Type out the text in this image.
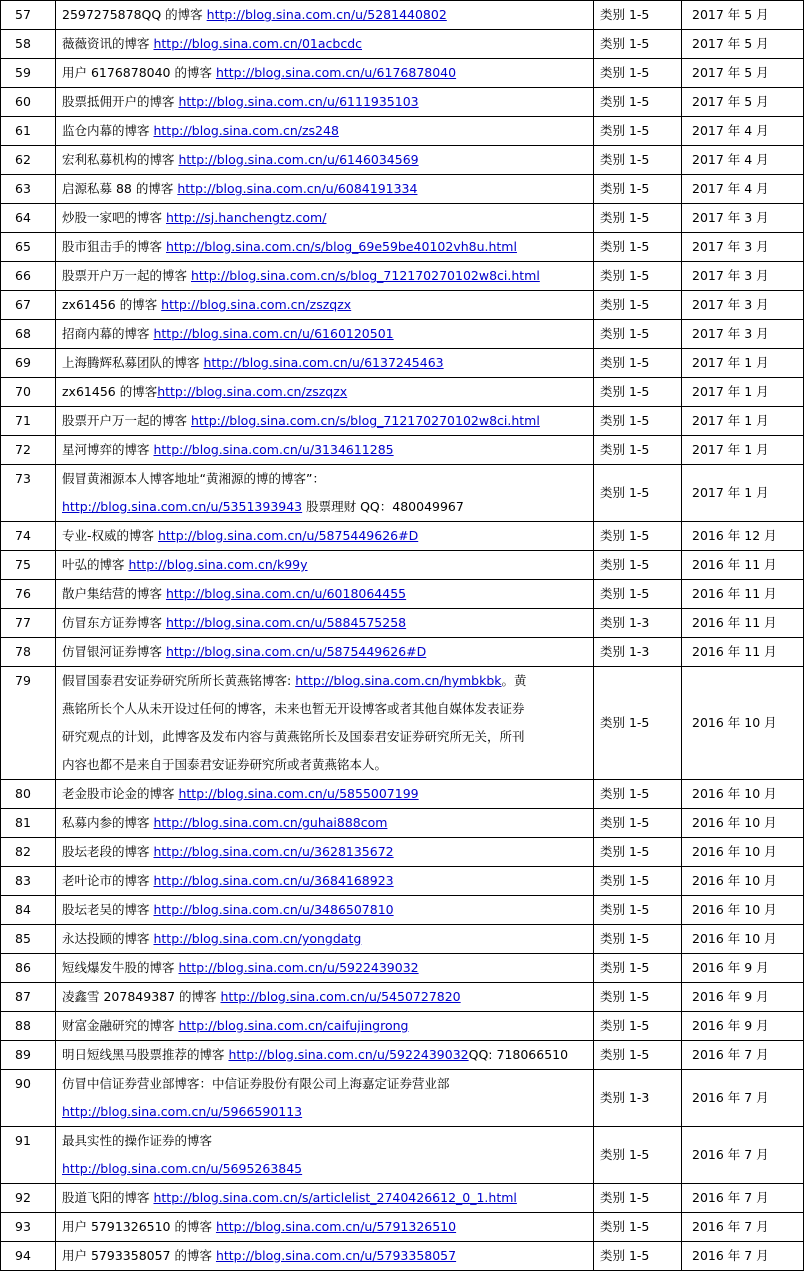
57	2597275878QQ 的博客 http://blog.sina.com.cn/u/5281440802	类别 1-5	2017 年 5 月
58	薇薇资讯的博客 http://blog.sina.com.cn/01acbcdc	类别 1-5	2017 年 5 月
59	用户 6176878040 的博客 http://blog.sina.com.cn/u/6176878040	类别 1-5	2017 年 5 月
60	股票抵佣开户的博客 http://blog.sina.com.cn/u/6111935103	类别 1-5	2017 年 5 月
61	监仓内幕的博客 http://blog.sina.com.cn/zs248	类别 1-5	2017 年 4 月
62	宏利私募机构的博客 http://blog.sina.com.cn/u/6146034569	类别 1-5	2017 年 4 月
63	启源私募 88 的博客 http://blog.sina.com.cn/u/6084191334	类别 1-5	2017 年 4 月
64	炒股一家吧的博客 http://sj.hanchengtz.com/	类别 1-5	2017 年 3 月
65	股市狙击手的博客 http://blog.sina.com.cn/s/blog_69e59be40102vh8u.html	类别 1-5	2017 年 3 月
66	股票开户万一起的博客 http://blog.sina.com.cn/s/blog_712170270102w8ci.html	类别 1-5	2017 年 3 月
67	zx61456 的博客 http://blog.sina.com.cn/zszqzx	类别 1-5	2017 年 3 月
68	招商内幕的博客 http://blog.sina.com.cn/u/6160120501	类别 1-5	2017 年 3 月
69	上海腾辉私募团队的博客 http://blog.sina.com.cn/u/6137245463	类别 1-5	2017 年 1 月
70	zx61456 的博客http://blog.sina.com.cn/zszqzx	类别 1-5	2017 年 1 月
71	股票开户万一起的博客 http://blog.sina.com.cn/s/blog_712170270102w8ci.html	类别 1-5	2017 年 1 月
72	星河博弈的博客 http://blog.sina.com.cn/u/3134611285	类别 1-5	2017 年 1 月
73	假冒黄湘源本人博客地址“黄湘源的博的博客”：
http://blog.sina.com.cn/u/5351393943 股票理财 QQ：480049967	类别 1-5	2017 年 1 月
74	专业-权威的博客 http://blog.sina.com.cn/u/5875449626#D	类别 1-5	2016 年 12 月
75	叶弘的博客 http://blog.sina.com.cn/k99y	类别 1-5	2016 年 11 月
76	散户集结营的博客 http://blog.sina.com.cn/u/6018064455	类别 1-5	2016 年 11 月
77	仿冒东方证券博客 http://blog.sina.com.cn/u/5884575258	类别 1-3	2016 年 11 月
78	仿冒银河证券博客 http://blog.sina.com.cn/u/5875449626#D	类别 1-3	2016 年 11 月
79	假冒国泰君安证券研究所所长黄燕铭博客: http://blog.sina.com.cn/hymbkbk。黄
燕铭所长个人从未开设过任何的博客，未来也暂无开设博客或者其他自媒体发表证券
研究观点的计划，此博客及发布内容与黄燕铭所长及国泰君安证券研究所无关，所刊
内容也都不是来自于国泰君安证券研究所或者黄燕铭本人。	类别 1-5	2016 年 10 月
80	老金股市论金的博客 http://blog.sina.com.cn/u/5855007199	类别 1-5	2016 年 10 月
81	私募内参的博客 http://blog.sina.com.cn/guhai888com	类别 1-5	2016 年 10 月
82	股坛老段的博客 http://blog.sina.com.cn/u/3628135672	类别 1-5	2016 年 10 月
83	老叶论市的博客 http://blog.sina.com.cn/u/3684168923	类别 1-5	2016 年 10 月
84	股坛老吴的博客 http://blog.sina.com.cn/u/3486507810	类别 1-5	2016 年 10 月
85	永达投顾的博客 http://blog.sina.com.cn/yongdatg	类别 1-5	2016 年 10 月
86	短线爆发牛股的博客 http://blog.sina.com.cn/u/5922439032	类别 1-5	2016 年 9 月
87	凌鑫雪 207849387 的博客 http://blog.sina.com.cn/u/5450727820	类别 1-5	2016 年 9 月
88	财富金融研究的博客 http://blog.sina.com.cn/caifujingrong	类别 1-5	2016 年 9 月
89	明日短线黑马股票推荐的博客 http://blog.sina.com.cn/u/5922439032QQ: 718066510	类别 1-5	2016 年 7 月
90	仿冒中信证券营业部博客：中信证券股份有限公司上海嘉定证券营业部
http://blog.sina.com.cn/u/5966590113	类别 1-3	2016 年 7 月
91	最具实性的操作证券的博客
http://blog.sina.com.cn/u/5695263845	类别 1-5	2016 年 7 月
92	股道飞阳的博客 http://blog.sina.com.cn/s/articlelist_2740426612_0_1.html	类别 1-5	2016 年 7 月
93	用户 5791326510 的博客 http://blog.sina.com.cn/u/5791326510	类别 1-5	2016 年 7 月
94	用户 5793358057 的博客 http://blog.sina.com.cn/u/5793358057	类别 1-5	2016 年 7 月
